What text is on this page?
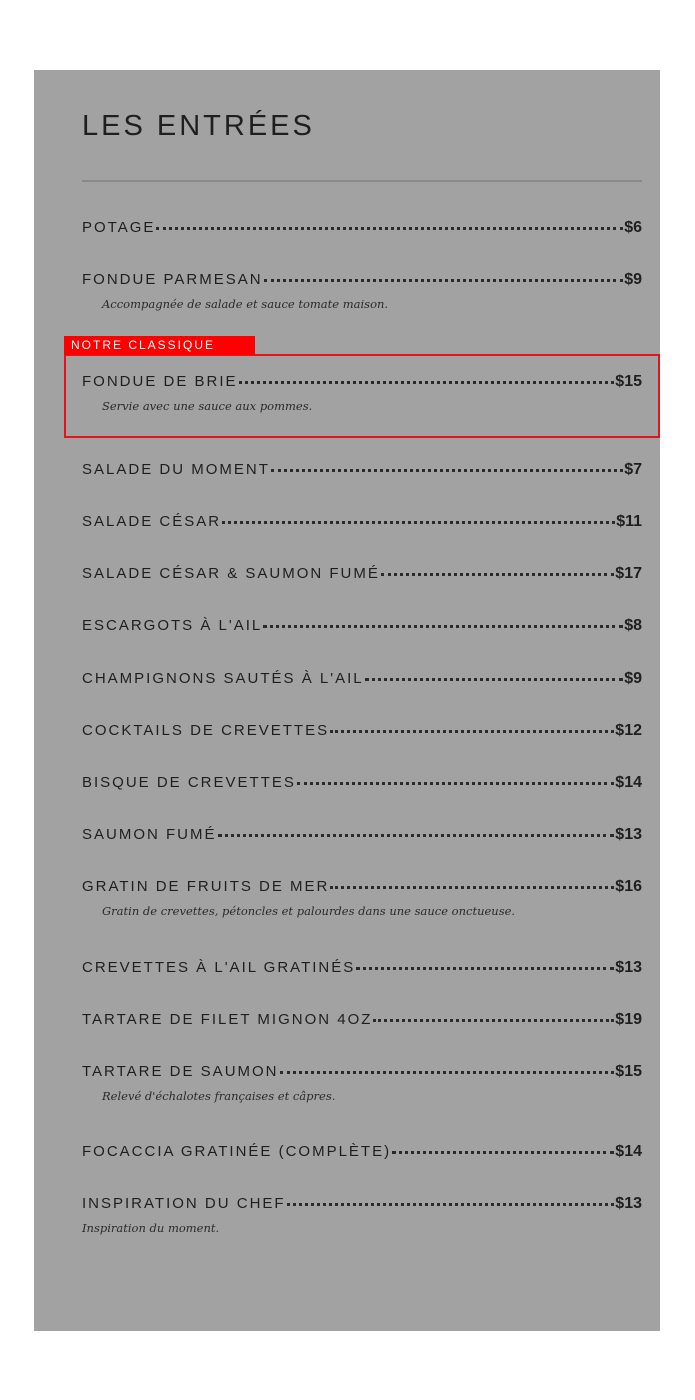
LES ENTRÉES
NOTRE CLASSIQUE
POTAGE	$6
FONDUE PARMESAN	$9
Accompagnée de salade et sauce tomate maison.
FONDUE DE BRIE	$15
Servie avec une sauce aux pommes.
SALADE DU MOMENT	$7
SALADE CÉSAR	$11
SALADE CÉSAR & SAUMON FUMÉ	$17
ESCARGOTS À L'AIL	$8
CHAMPIGNONS SAUTÉS À L'AIL	$9
COCKTAILS DE CREVETTES	$12
BISQUE DE CREVETTES	$14
SAUMON FUMÉ	$13
GRATIN DE FRUITS DE MER	$16
Gratin de crevettes, pétoncles et palourdes dans une sauce onctueuse.
CREVETTES À L'AIL GRATINÉS	$13
TARTARE DE FILET MIGNON 4OZ	$19
TARTARE DE SAUMON	$15
Relevé d'échalotes françaises et câpres.
FOCACCIA GRATINÉE (COMPLÈTE)	$14
INSPIRATION DU CHEF	$13
Inspiration du moment.
